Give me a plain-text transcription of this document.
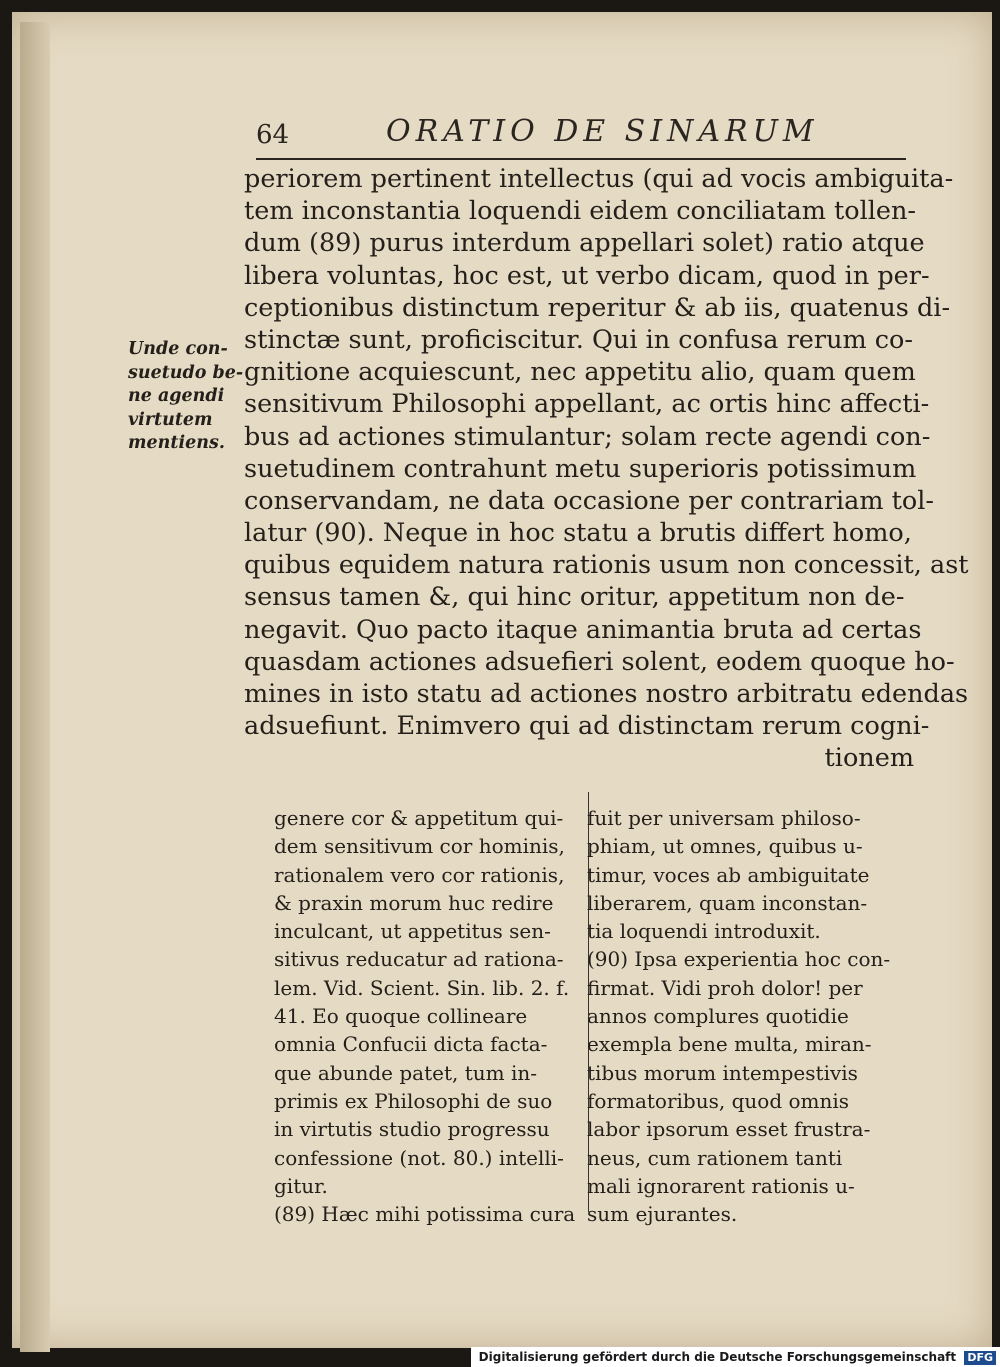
64	ORATIO DE SINARUM
Unde con-
suetudo be-
ne agendi
virtutem
mentiens.
periorem pertinent intellectus (qui ad vocis ambiguita-
tem inconstantia loquendi eidem conciliatam tollen-
dum (89) purus interdum appellari solet) ratio atque
libera voluntas, hoc est, ut verbo dicam, quod in per-
ceptionibus distinctum reperitur & ab iis, quatenus di-
stinctæ sunt, proficiscitur. Qui in confusa rerum co-
gnitione acquiescunt, nec appetitu alio, quam quem
sensitivum Philosophi appellant, ac ortis hinc affecti-
bus ad actiones stimulantur; solam recte agendi con-
suetudinem contrahunt metu superioris potissimum
conservandam, ne data occasione per contrariam tol-
latur (90). Neque in hoc statu a brutis differt homo,
quibus equidem natura rationis usum non concessit, ast
sensus tamen &, qui hinc oritur, appetitum non de-
negavit. Quo pacto itaque animantia bruta ad certas
quasdam actiones adsuefieri solent, eodem quoque ho-
mines in isto statu ad actiones nostro arbitratu edendas
adsuefiunt. Enimvero qui ad distinctam rerum cogni-
tionem
genere cor & appetitum qui-
dem sensitivum cor hominis,
rationalem vero cor rationis,
& praxin morum huc redire
inculcant, ut appetitus sen-
sitivus reducatur ad rationa-
lem. Vid. Scient. Sin. lib. 2. f.
41. Eo quoque collineare
omnia Confucii dicta facta-
que abunde patet, tum in-
primis ex Philosophi de suo
in virtutis studio progressu
confessione (not. 80.) intelli-
gitur.
(89) Hæc mihi potissima cura
fuit per universam philoso-
phiam, ut omnes, quibus u-
timur, voces ab ambiguitate
liberarem, quam inconstan-
tia loquendi introduxit.
(90) Ipsa experientia hoc con-
firmat. Vidi proh dolor! per
annos complures quotidie
exempla bene multa, miran-
tibus morum intempestivis
formatoribus, quod omnis
labor ipsorum esset frustra-
neus, cum rationem tanti
mali ignorarent rationis u-
sum ejurantes.
Digitalisierung gefördert durch die Deutsche Forschungsgemeinschaft DFG
